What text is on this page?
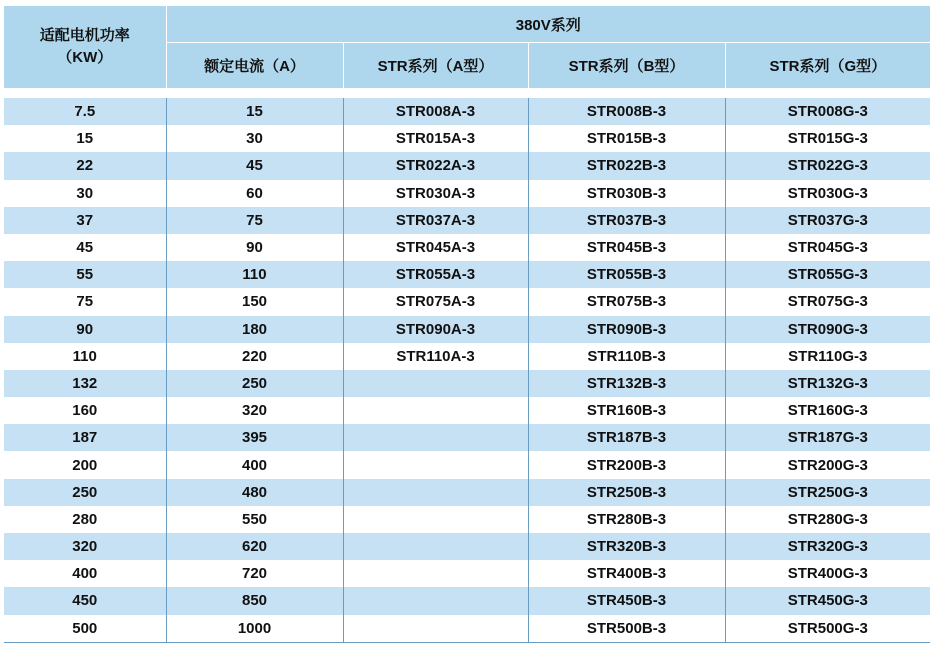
适配电机功率
（KW）	380V系列			
	额定电流（A）	STR系列（A型）	STR系列（B型）	STR系列（G型）

7.5	15	STR008A-3	STR008B-3	STR008G-3
15	30	STR015A-3	STR015B-3	STR015G-3
22	45	STR022A-3	STR022B-3	STR022G-3
30	60	STR030A-3	STR030B-3	STR030G-3
37	75	STR037A-3	STR037B-3	STR037G-3
45	90	STR045A-3	STR045B-3	STR045G-3
55	110	STR055A-3	STR055B-3	STR055G-3
75	150	STR075A-3	STR075B-3	STR075G-3
90	180	STR090A-3	STR090B-3	STR090G-3
110	220	STR110A-3	STR110B-3	STR110G-3
132	250		STR132B-3	STR132G-3
160	320		STR160B-3	STR160G-3
187	395		STR187B-3	STR187G-3
200	400		STR200B-3	STR200G-3
250	480		STR250B-3	STR250G-3
280	550		STR280B-3	STR280G-3
320	620		STR320B-3	STR320G-3
400	720		STR400B-3	STR400G-3
450	850		STR450B-3	STR450G-3
500	1000		STR500B-3	STR500G-3
